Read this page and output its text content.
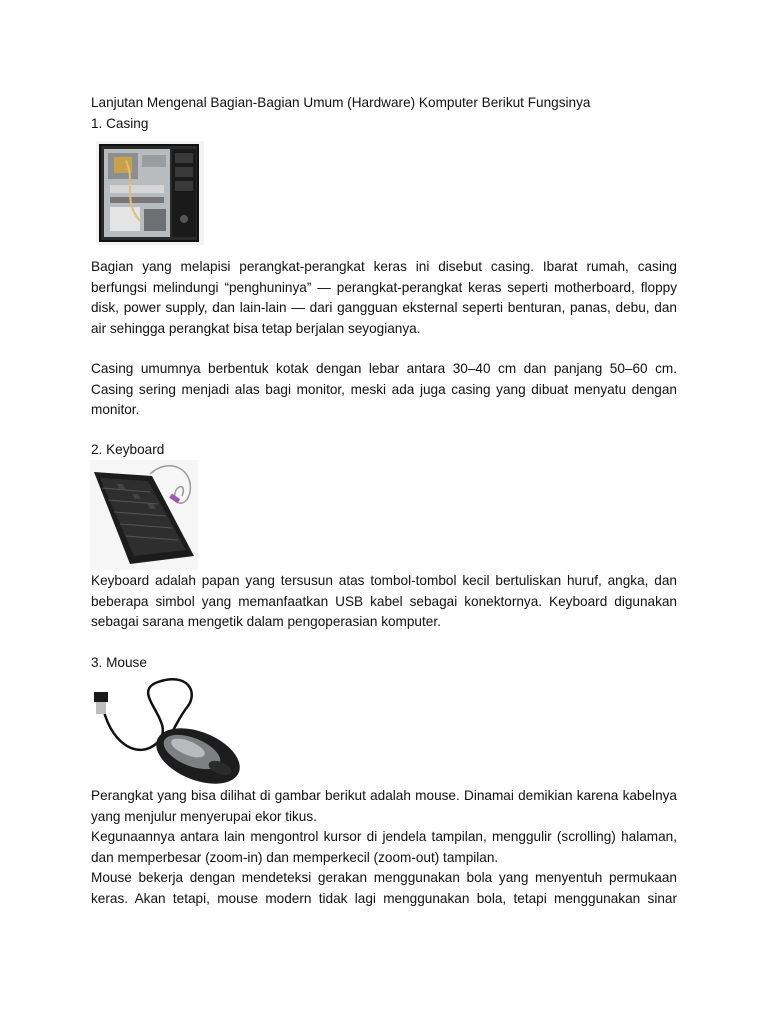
Lanjutan Mengenal Bagian-Bagian Umum (Hardware) Komputer Berikut Fungsinya

1. Casing

Bagian yang melapisi perangkat-perangkat keras ini disebut casing. Ibarat rumah, casing berfungsi melindungi “penghuninya” — perangkat-perangkat keras seperti motherboard, floppy disk, power supply, dan lain-lain — dari gangguan eksternal seperti benturan, panas, debu, dan air sehingga perangkat bisa tetap berjalan seyogianya.

Casing umumnya berbentuk kotak dengan lebar antara 30–40 cm dan panjang 50–60 cm. Casing sering menjadi alas bagi monitor, meski ada juga casing yang dibuat menyatu dengan monitor.

2. Keyboard

Keyboard adalah papan yang tersusun atas tombol-tombol kecil bertuliskan huruf, angka, dan beberapa simbol yang memanfaatkan USB kabel sebagai konektornya. Keyboard digunakan sebagai sarana mengetik dalam pengoperasian komputer.

3. Mouse

Perangkat yang bisa dilihat di gambar berikut adalah mouse. Dinamai demikian karena kabelnya yang menjulur menyerupai ekor tikus.

Kegunaannya antara lain mengontrol kursor di jendela tampilan, menggulir (scrolling) halaman, dan memperbesar (zoom-in) dan memperkecil (zoom-out) tampilan.

Mouse bekerja dengan mendeteksi gerakan menggunakan bola yang menyentuh permukaan keras. Akan tetapi, mouse modern tidak lagi menggunakan bola, tetapi menggunakan sinar
